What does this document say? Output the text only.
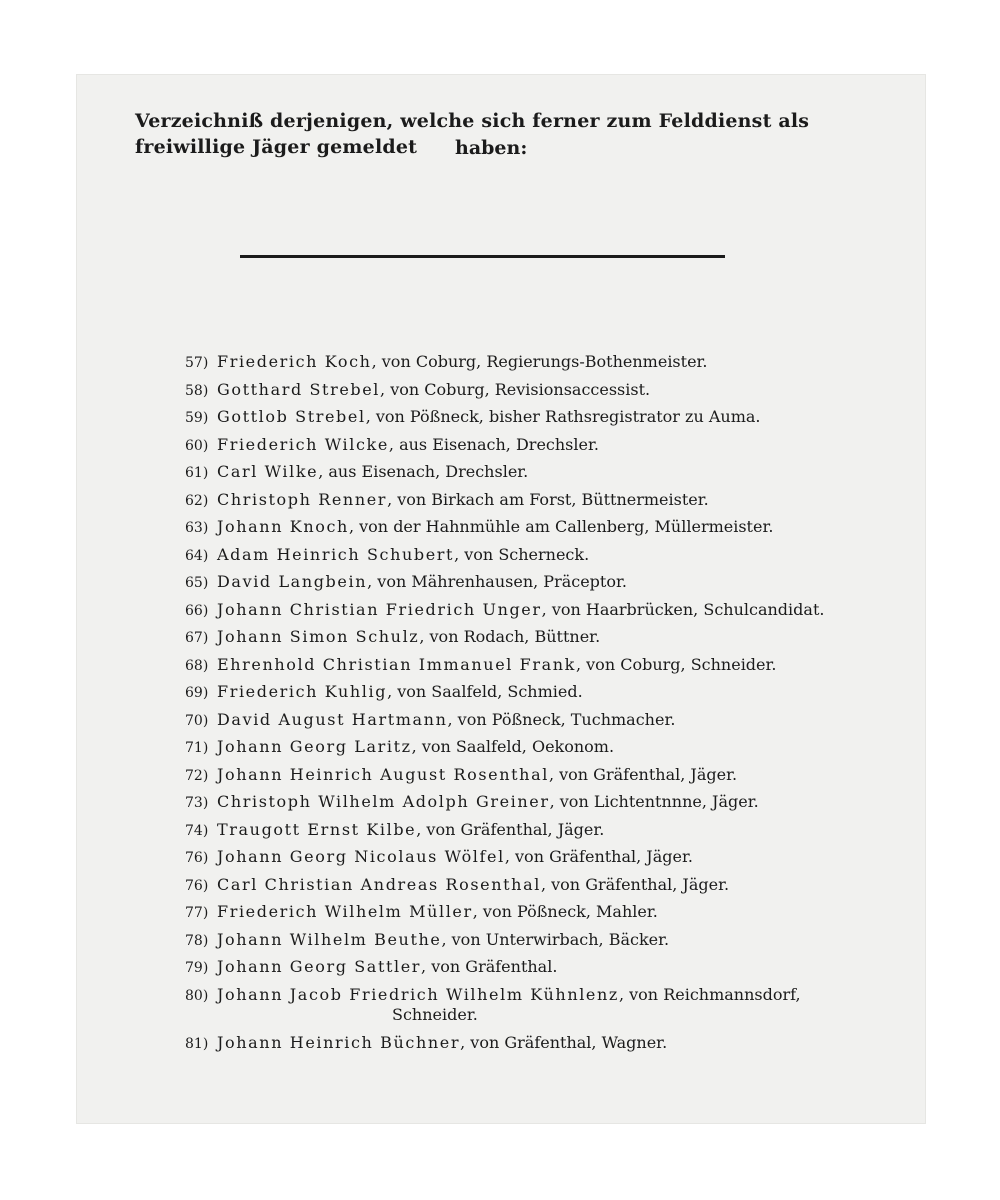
Verzeichniß derjenigen, welche sich ferner zum Felddienst als freiwillige Jäger gemeldet	haben:
57) Friederich Koch, von Coburg, Regierungs-Bothenmeister.
58) Gotthard Strebel, von Coburg, Revisionsaccessist.
59) Gottlob Strebel, von Pößneck, bisher Rathsregistrator zu Auma.
60) Friederich Wilcke, aus Eisenach, Drechsler.
61) Carl Wilke, aus Eisenach, Drechsler.
62) Christoph Renner, von Birkach am Forst, Büttnermeister.
63) Johann Knoch, von der Hahnmühle am Callenberg, Müllermeister.
64) Adam Heinrich Schubert, von Scherneck.
65) David Langbein, von Mährenhausen, Präceptor.
66) Johann Christian Friedrich Unger, von Haarbrücken, Schulcandidat.
67) Johann Simon Schulz, von Rodach, Büttner.
68) Ehrenhold Christian Immanuel Frank, von Coburg, Schneider.
69) Friederich Kuhlig, von Saalfeld, Schmied.
70) David August Hartmann, von Pößneck, Tuchmacher.
71) Johann Georg Laritz, von Saalfeld, Oekonom.
72) Johann Heinrich August Rosenthal, von Gräfenthal, Jäger.
73) Christoph Wilhelm Adolph Greiner, von Lichtentnnne, Jäger.
74) Traugott Ernst Kilbe, von Gräfenthal, Jäger.
76) Johann Georg Nicolaus Wölfel, von Gräfenthal, Jäger.
76) Carl Christian Andreas Rosenthal, von Gräfenthal, Jäger.
77) Friederich Wilhelm Müller, von Pößneck, Mahler.
78) Johann Wilhelm Beuthe, von Unterwirbach, Bäcker.
79) Johann Georg Sattler, von Gräfenthal.
80) Johann Jacob Friedrich Wilhelm Kühnlenz, von Reichmannsdorf,
Schneider.
81) Johann Heinrich Büchner, von Gräfenthal, Wagner.
